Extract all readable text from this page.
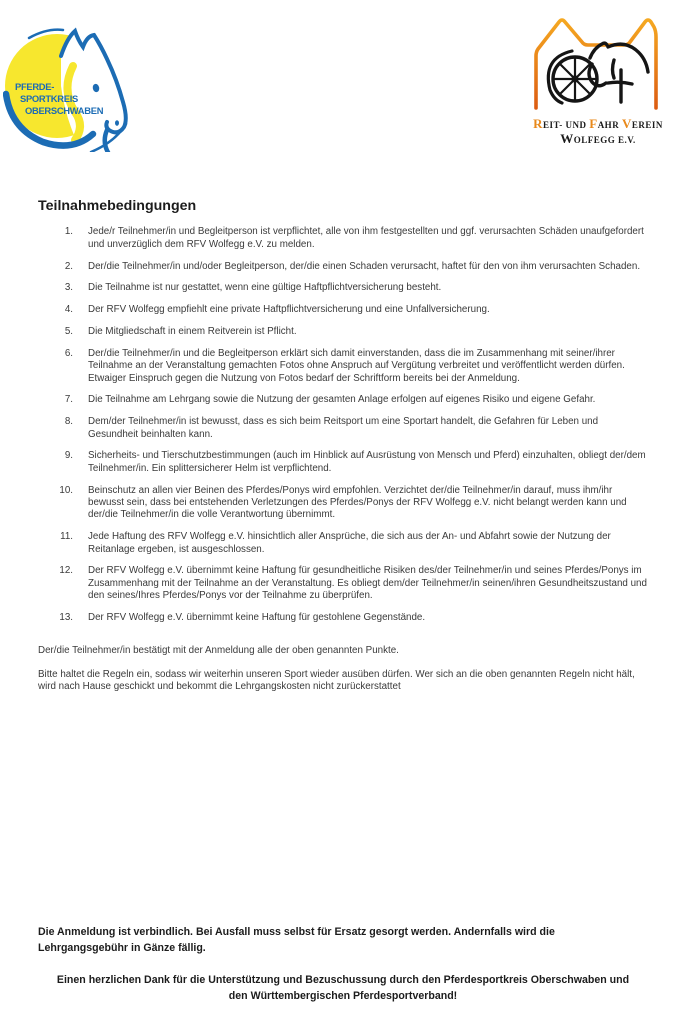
PFERDE-
SPORTKREIS
OBERSCHWABEN
REIT- UND FAHR VEREIN
WOLFEGG E.V.
Teilnahmebedingungen
1. Jede/r Teilnehmer/in und Begleitperson ist verpflichtet, alle von ihm festgestellten und ggf. verursachten Schäden unaufgefordert und unverzüglich dem RFV Wolfegg e.V. zu melden.
2. Der/die Teilnehmer/in und/oder Begleitperson, der/die einen Schaden verursacht, haftet für den von ihm verursachten Schaden.
3. Die Teilnahme ist nur gestattet, wenn eine gültige Haftpflichtversicherung besteht.
4. Der RFV Wolfegg empfiehlt eine private Haftpflichtversicherung und eine Unfallversicherung.
5. Die Mitgliedschaft in einem Reitverein ist Pflicht.
6. Der/die Teilnehmer/in und die Begleitperson erklärt sich damit einverstanden, dass die im Zusammenhang mit seiner/ihrer Teilnahme an der Veranstaltung gemachten Fotos ohne Anspruch auf Vergütung verbreitet und veröffentlicht werden dürfen. Etwaiger Einspruch gegen die Nutzung von Fotos bedarf der Schriftform bereits bei der Anmeldung.
7. Die Teilnahme am Lehrgang sowie die Nutzung der gesamten Anlage erfolgen auf eigenes Risiko und eigene Gefahr.
8. Dem/der Teilnehmer/in ist bewusst, dass es sich beim Reitsport um eine Sportart handelt, die Gefahren für Leben und Gesundheit beinhalten kann.
9. Sicherheits- und Tierschutzbestimmungen (auch im Hinblick auf Ausrüstung von Mensch und Pferd) einzuhalten, obliegt der/dem Teilnehmer/in. Ein splittersicherer Helm ist verpflichtend.
10. Beinschutz an allen vier Beinen des Pferdes/Ponys wird empfohlen. Verzichtet der/die Teilnehmer/in darauf, muss ihm/ihr bewusst sein, dass bei entstehenden Verletzungen des Pferdes/Ponys der RFV Wolfegg e.V. nicht belangt werden kann und der/die Teilnehmer/in die volle Verantwortung übernimmt.
11. Jede Haftung des RFV Wolfegg e.V. hinsichtlich aller Ansprüche, die sich aus der An- und Abfahrt sowie der Nutzung der Reitanlage ergeben, ist ausgeschlossen.
12. Der RFV Wolfegg e.V. übernimmt keine Haftung für gesundheitliche Risiken des/der Teilnehmer/in und seines Pferdes/Ponys im Zusammenhang mit der Teilnahme an der Veranstaltung. Es obliegt dem/der Teilnehmer/in seinen/ihren Gesundheitszustand und den seines/Ihres Pferdes/Ponys vor der Teilnahme zu überprüfen.
13. Der RFV Wolfegg e.V. übernimmt keine Haftung für gestohlene Gegenstände.

Der/die Teilnehmer/in bestätigt mit der Anmeldung alle der oben genannten Punkte.

Bitte haltet die Regeln ein, sodass wir weiterhin unseren Sport wieder ausüben dürfen. Wer sich an die oben genannten Regeln nicht hält, wird nach Hause geschickt und bekommt die Lehrgangskosten nicht zurückerstattet

Die Anmeldung ist verbindlich. Bei Ausfall muss selbst für Ersatz gesorgt werden. Andernfalls wird die Lehrgangsgebühr in Gänze fällig.

Einen herzlichen Dank für die Unterstützung und Bezuschussung durch den Pferdesportkreis Oberschwaben und den Württembergischen Pferdesportverband!
